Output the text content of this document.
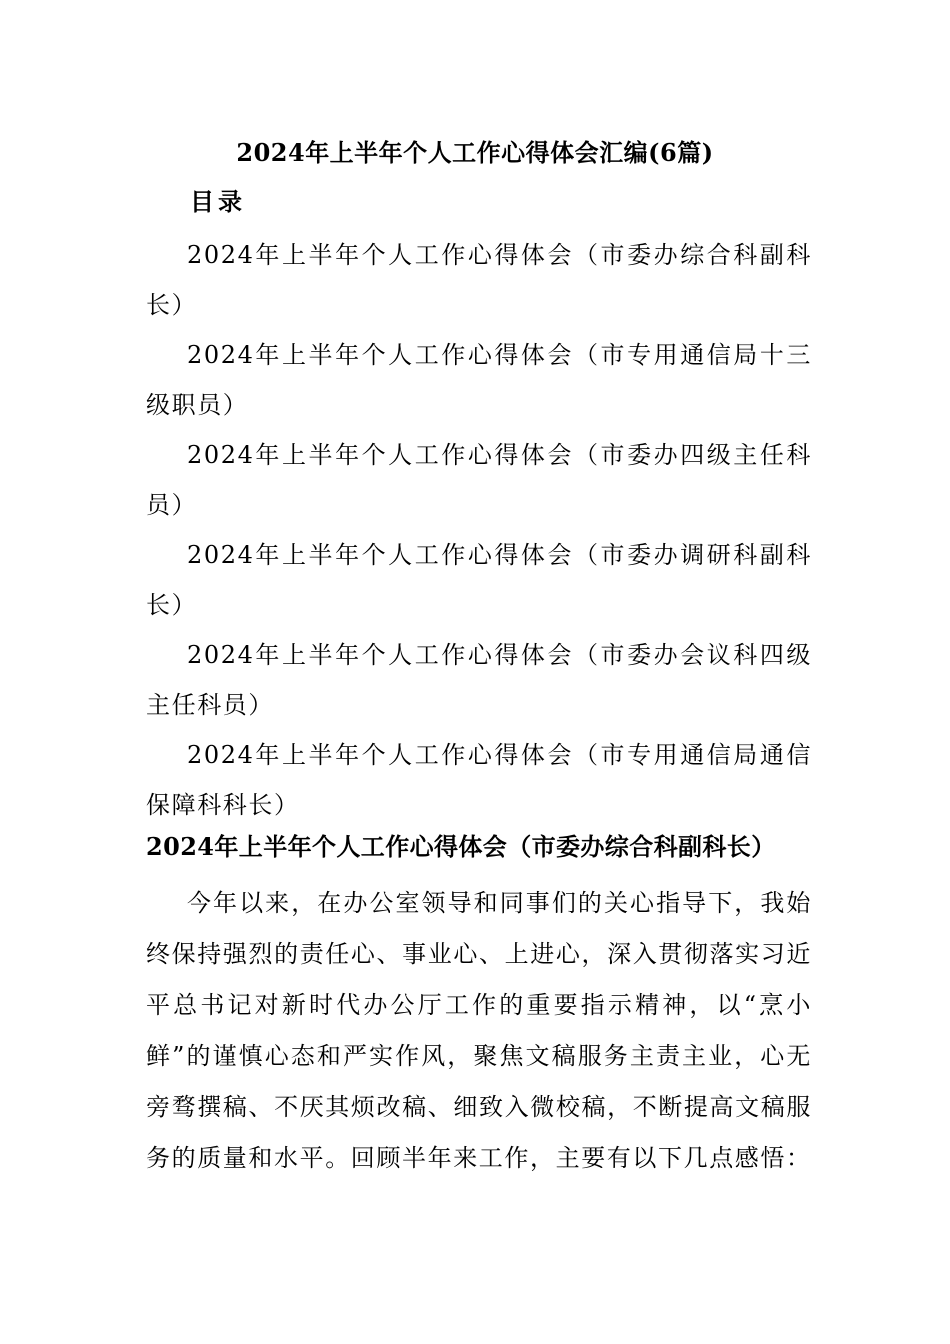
2024年上半年个人工作心得体会汇编(6篇)
目录
2024年上半年个人工作心得体会（市委办综合科副科长）
2024年上半年个人工作心得体会（市专用通信局十三级职员）
2024年上半年个人工作心得体会（市委办四级主任科员）
2024年上半年个人工作心得体会（市委办调研科副科长）
2024年上半年个人工作心得体会（市委办会议科四级主任科员）
2024年上半年个人工作心得体会（市专用通信局通信保障科科长）
2024年上半年个人工作心得体会（市委办综合科副科长）

今年以来，在办公室领导和同事们的关心指导下，我始终保持强烈的责任心、事业心、上进心，深入贯彻落实习近平总书记对新时代办公厅工作的重要指示精神，以“烹小鲜”的谨慎心态和严实作风，聚焦文稿服务主责主业，心无旁骛撰稿、不厌其烦改稿、细致入微校稿，不断提高文稿服务的质量和水平。回顾半年来工作，主要有以下几点感悟：
